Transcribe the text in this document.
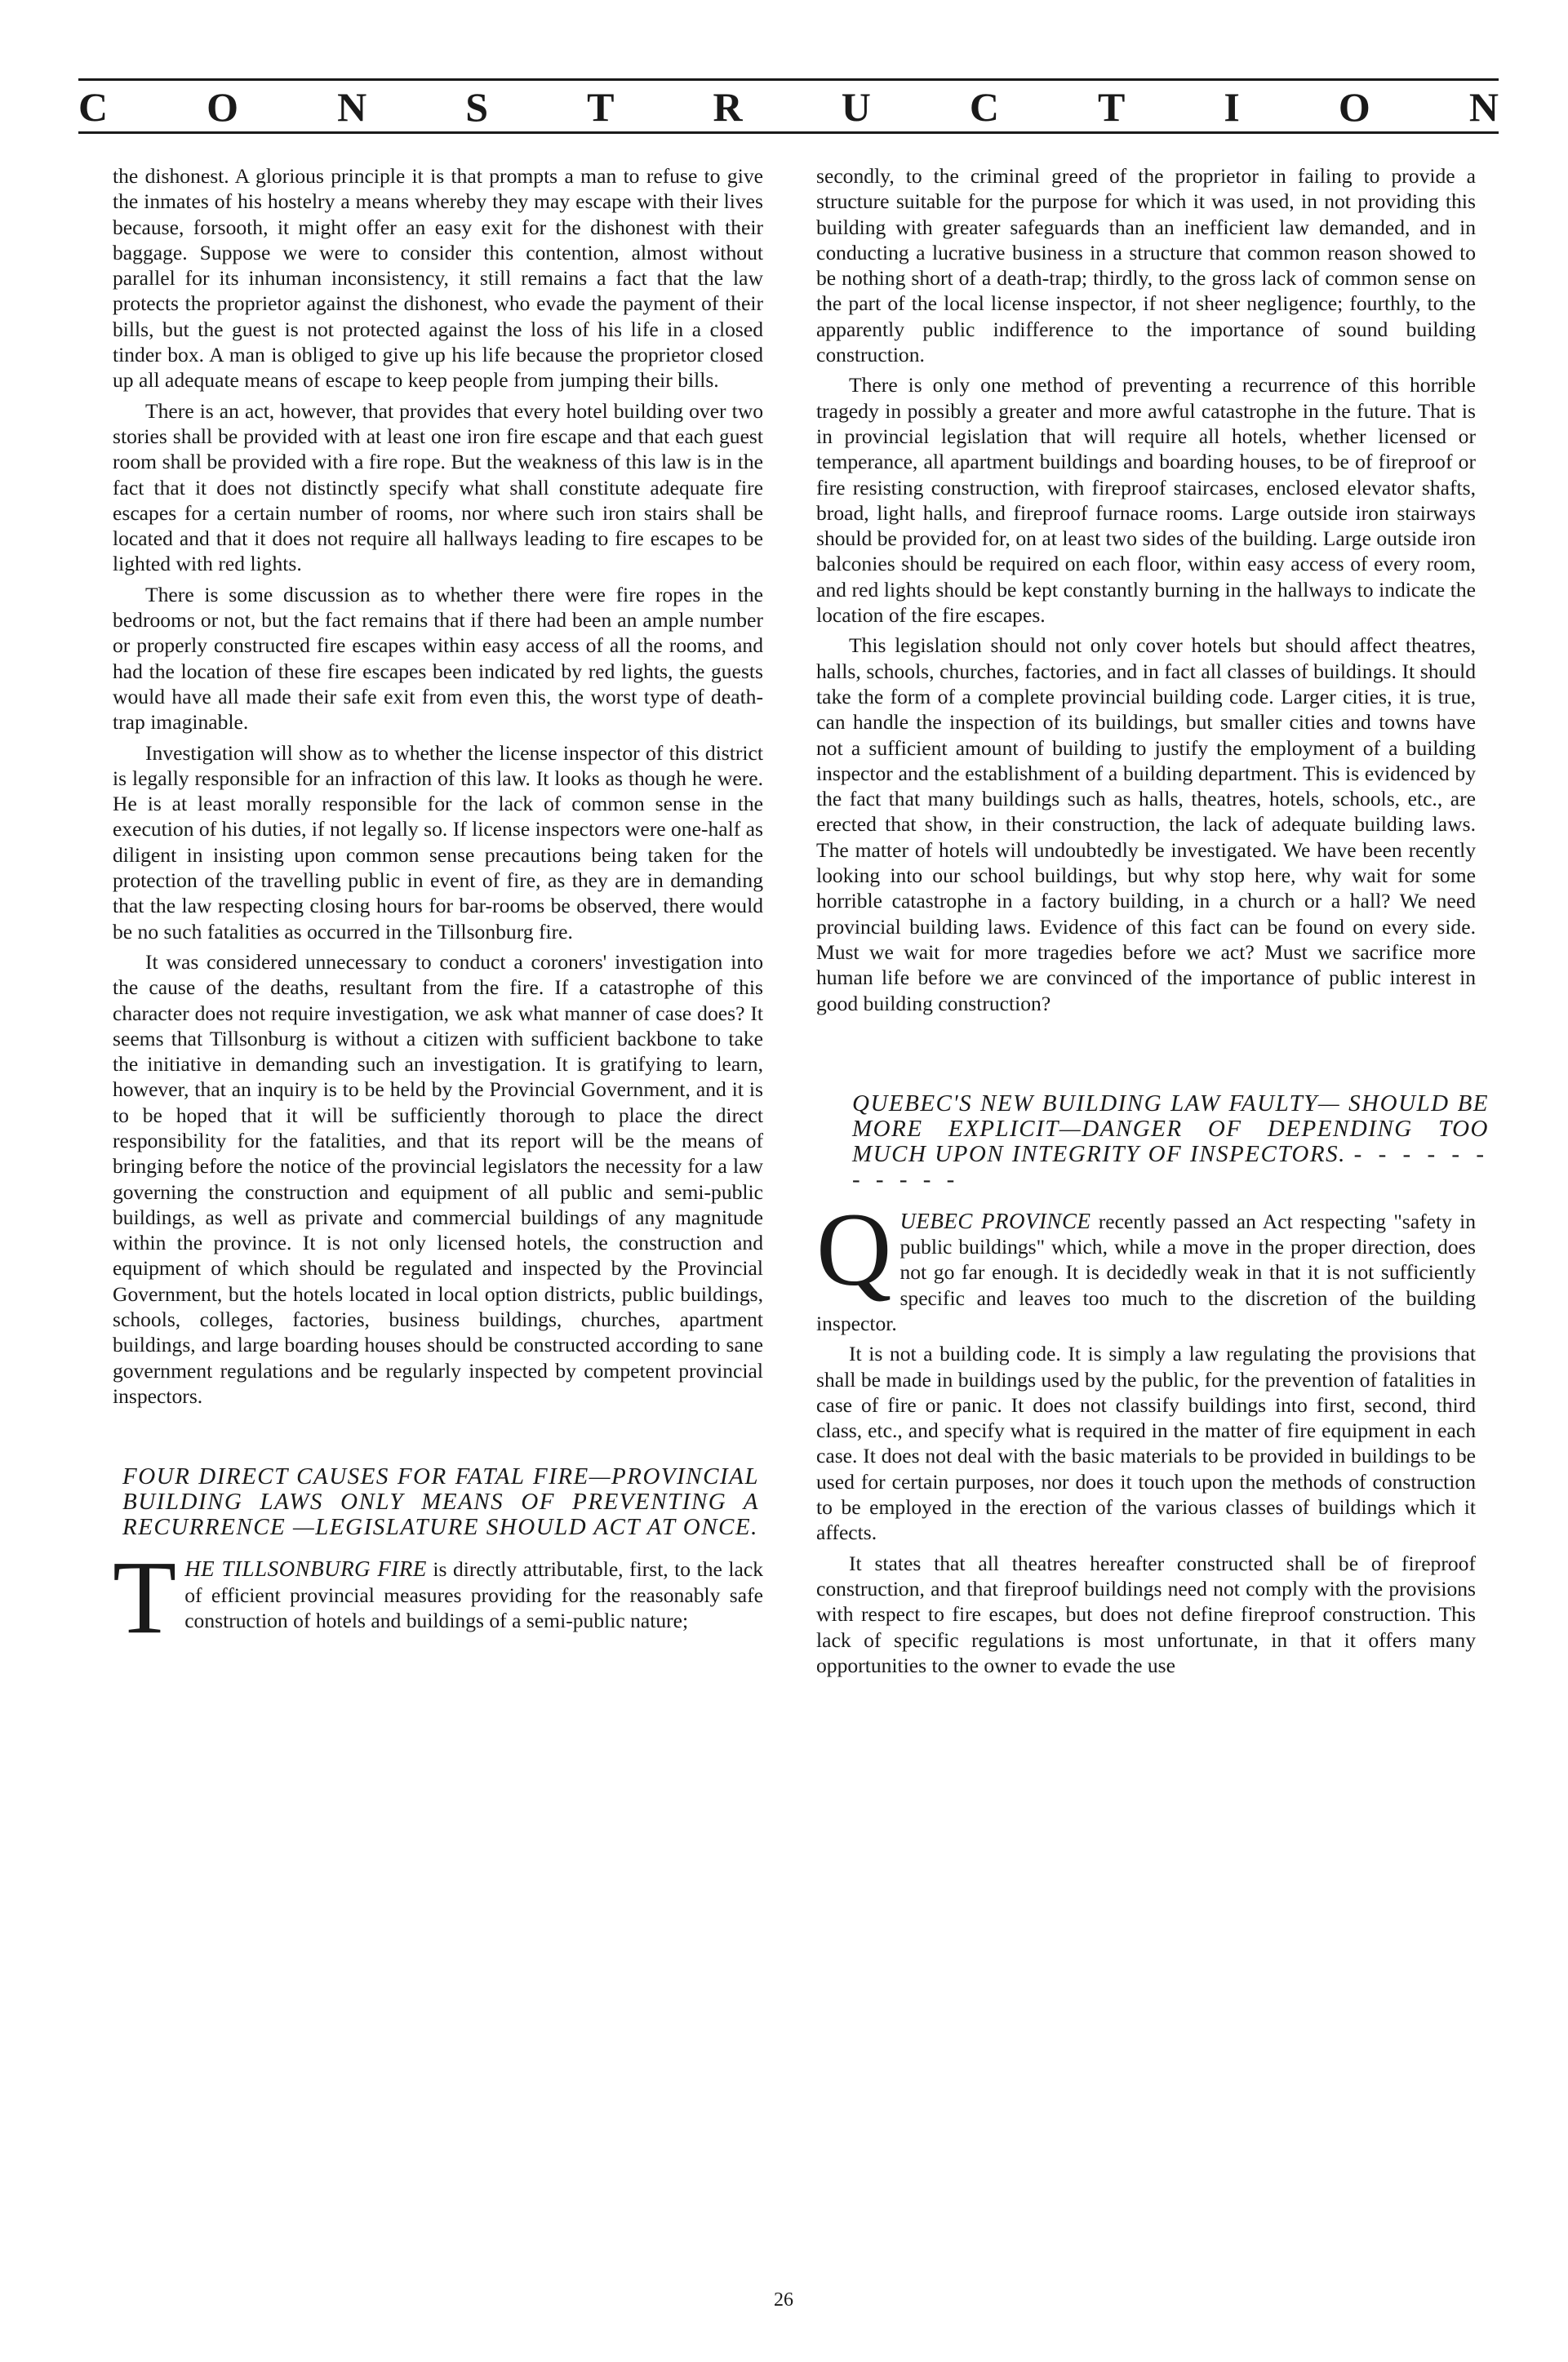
C O N S T R U C T I O N

the dishonest. A glorious principle it is that prompts a man to refuse to give the inmates of his hostelry a means whereby they may escape with their lives because, forsooth, it might offer an easy exit for the dishonest with their baggage. Suppose we were to consider this contention, almost without parallel for its inhuman inconsistency, it still remains a fact that the law protects the proprietor against the dishonest, who evade the payment of their bills, but the guest is not protected against the loss of his life in a closed tinder box. A man is obliged to give up his life because the proprietor closed up all adequate means of escape to keep people from jumping their bills.

There is an act, however, that provides that every hotel building over two stories shall be provided with at least one iron fire escape and that each guest room shall be provided with a fire rope. But the weakness of this law is in the fact that it does not distinctly specify what shall constitute adequate fire escapes for a certain number of rooms, nor where such iron stairs shall be located and that it does not require all hallways leading to fire escapes to be lighted with red lights.

There is some discussion as to whether there were fire ropes in the bedrooms or not, but the fact remains that if there had been an ample number or properly constructed fire escapes within easy access of all the rooms, and had the location of these fire escapes been indicated by red lights, the guests would have all made their safe exit from even this, the worst type of death-trap imaginable.

Investigation will show as to whether the license inspector of this district is legally responsible for an infraction of this law. It looks as though he were. He is at least morally responsible for the lack of common sense in the execution of his duties, if not legally so. If license inspectors were one-half as diligent in insisting upon common sense precautions being taken for the protection of the travelling public in event of fire, as they are in demanding that the law respecting closing hours for bar-rooms be observed, there would be no such fatalities as occurred in the Tillsonburg fire.

It was considered unnecessary to conduct a coroners' investigation into the cause of the deaths, resultant from the fire. If a catastrophe of this character does not require investigation, we ask what manner of case does? It seems that Tillsonburg is without a citizen with sufficient backbone to take the initiative in demanding such an investigation. It is gratifying to learn, however, that an inquiry is to be held by the Provincial Government, and it is to be hoped that it will be sufficiently thorough to place the direct responsibility for the fatalities, and that its report will be the means of bringing before the notice of the provincial legislators the necessity for a law governing the construction and equipment of all public and semi-public buildings, as well as private and commercial buildings of any magnitude within the province. It is not only licensed hotels, the construction and equipment of which should be regulated and inspected by the Provincial Government, but the hotels located in local option districts, public buildings, schools, colleges, factories, business buildings, churches, apartment buildings, and large boarding houses should be constructed according to sane government regulations and be regularly inspected by competent provincial inspectors.

FOUR DIRECT CAUSES FOR FATAL FIRE—PROVINCIAL BUILDING LAWS ONLY MEANS OF PREVENTING A RECURRENCE —LEGISLATURE SHOULD ACT AT ONCE.

T HE TILLSONBURG FIRE is directly attributable, first, to the lack of efficient provincial measures providing for the reasonably safe construction of hotels and buildings of a semi-public nature;

secondly, to the criminal greed of the proprietor in failing to provide a structure suitable for the purpose for which it was used, in not providing this building with greater safeguards than an inefficient law demanded, and in conducting a lucrative business in a structure that common reason showed to be nothing short of a death-trap; thirdly, to the gross lack of common sense on the part of the local license inspector, if not sheer negligence; fourthly, to the apparently public indifference to the importance of sound building construction.

There is only one method of preventing a recurrence of this horrible tragedy in possibly a greater and more awful catastrophe in the future. That is in provincial legislation that will require all hotels, whether licensed or temperance, all apartment buildings and boarding houses, to be of fireproof or fire resisting construction, with fireproof staircases, enclosed elevator shafts, broad, light halls, and fireproof furnace rooms. Large outside iron stairways should be provided for, on at least two sides of the building. Large outside iron balconies should be required on each floor, within easy access of every room, and red lights should be kept constantly burning in the hallways to indicate the location of the fire escapes.

This legislation should not only cover hotels but should affect theatres, halls, schools, churches, factories, and in fact all classes of buildings. It should take the form of a complete provincial building code. Larger cities, it is true, can handle the inspection of its buildings, but smaller cities and towns have not a sufficient amount of building to justify the employment of a building inspector and the establishment of a building department. This is evidenced by the fact that many buildings such as halls, theatres, hotels, schools, etc., are erected that show, in their construction, the lack of adequate building laws. The matter of hotels will undoubtedly be investigated. We have been recently looking into our school buildings, but why stop here, why wait for some horrible catastrophe in a factory building, in a church or a hall? We need provincial building laws. Evidence of this fact can be found on every side. Must we wait for more tragedies before we act? Must we sacrifice more human life before we are convinced of the importance of public interest in good building construction?

QUEBEC'S NEW BUILDING LAW FAULTY— SHOULD BE MORE EXPLICIT—DANGER OF DEPENDING TOO MUCH UPON INTEGRITY OF INSPECTORS. - - - - - - - - - - -

Q UEBEC PROVINCE recently passed an Act respecting "safety in public buildings" which, while a move in the proper direction, does not go far enough. It is decidedly weak in that it is not sufficiently specific and leaves too much to the discretion of the building inspector.

It is not a building code. It is simply a law regulating the provisions that shall be made in buildings used by the public, for the prevention of fatalities in case of fire or panic. It does not classify buildings into first, second, third class, etc., and specify what is required in the matter of fire equipment in each case. It does not deal with the basic materials to be provided in buildings to be used for certain purposes, nor does it touch upon the methods of construction to be employed in the erection of the various classes of buildings which it affects.

It states that all theatres hereafter constructed shall be of fireproof construction, and that fireproof buildings need not comply with the provisions with respect to fire escapes, but does not define fireproof construction. This lack of specific regulations is most unfortunate, in that it offers many opportunities to the owner to evade the use

26
